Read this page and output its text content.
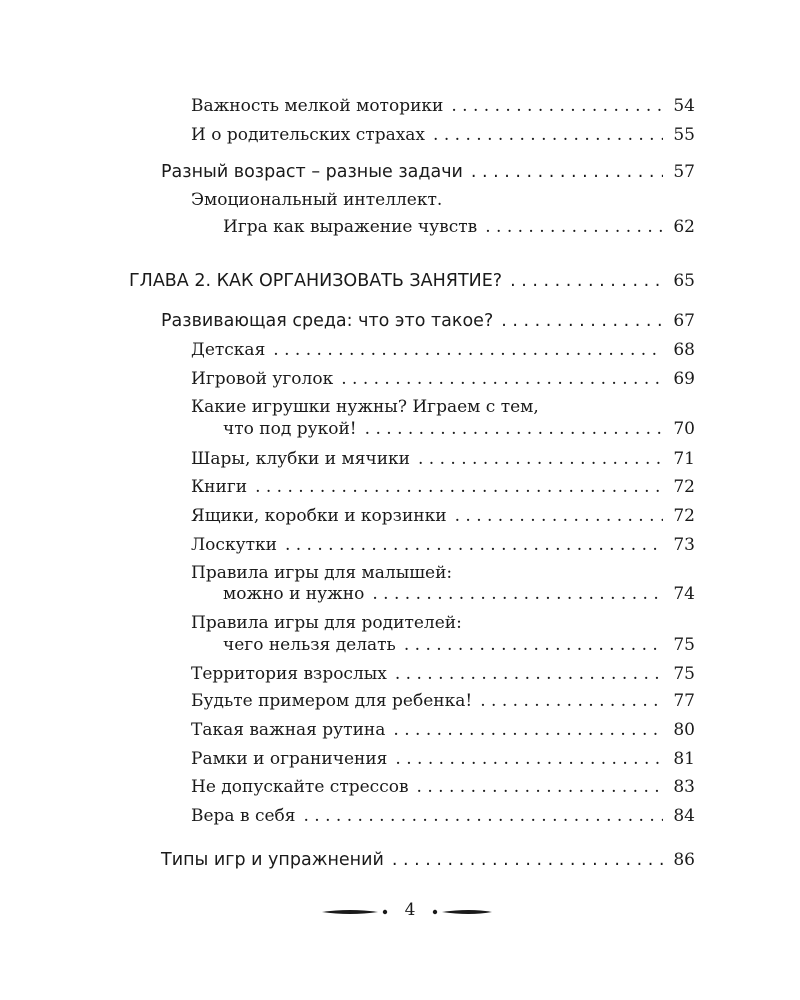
Важность мелкой моторики . . .	54
И о родительских страхах . . .	55
Разный возраст – разные задачи . . .	57
Эмоциональный интеллект.
Игра как выражение чувств . . .	62
ГЛАВА 2. КАК ОРГАНИЗОВАТЬ ЗАНЯТИЕ? . . .	65
Развивающая среда: что это такое? . . .	67
Детская . . .	68
Игровой уголок . . .	69
Какие игрушки нужны? Играем с тем,
что под рукой! . . .	70
Шары, клубки и мячики . . .	71
Книги . . .	72
Ящики, коробки и корзинки . . .	72
Лоскутки . . .	73
Правила игры для малышей:
можно и нужно . . .	74
Правила игры для родителей:
чего нельзя делать . . .	75
Территория взрослых . . .	75
Будьте примером для ребенка! . . .	77
Такая важная рутина . . .	80
Рамки и ограничения . . .	81
Не допускайте стрессов . . .	83
Вера в себя . . .	84
Типы игр и упражнений . . .	86
4
